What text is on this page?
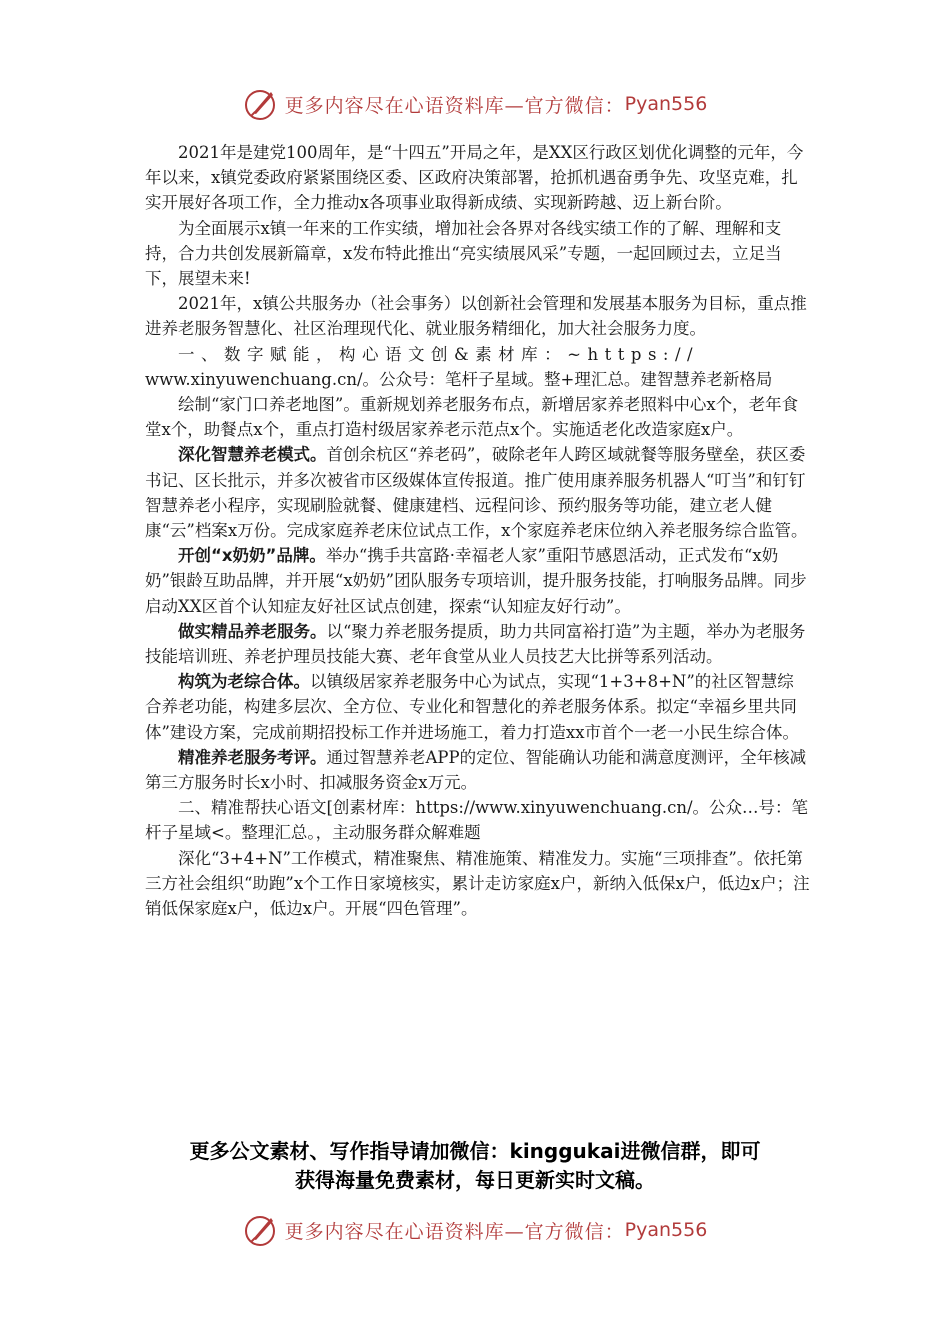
更多内容尽在心语资料库—官方微信： Pyan556

2021年是建党100周年，是“十四五”开局之年，是XX区行政区划优化调整的元年，今年以来，x镇党委政府紧紧围绕区委、区政府决策部署，抢抓机遇奋勇争先、攻坚克难，扎实开展好各项工作，全力推动x各项事业取得新成绩、实现新跨越、迈上新台阶。

为全面展示x镇一年来的工作实绩，增加社会各界对各线实绩工作的了解、理解和支持，合力共创发展新篇章，x发布特此推出“亮实绩展风采”专题，一起回顾过去，立足当下，展望未来!

2021年，x镇公共服务办（社会事务）以创新社会管理和发展基本服务为目标，重点推进养老服务智慧化、社区治理现代化、就业服务精细化，加大社会服务力度。

一、数字赋能，构心语文创&素材库：~https://
www.xinyuwenchuang.cn/。公众号：笔杆子星域。整+理汇总。建智慧养老新格局

绘制“家门口养老地图”。重新规划养老服务布点，新增居家养老照料中心x个，老年食堂x个，助餐点x个，重点打造村级居家养老示范点x个。实施适老化改造家庭x户。

深化智慧养老模式。首创余杭区“养老码”，破除老年人跨区域就餐等服务壁垒，获区委书记、区长批示，并多次被省市区级媒体宣传报道。推广使用康养服务机器人“叮当”和钉钉智慧养老小程序，实现刷脸就餐、健康建档、远程问诊、预约服务等功能，建立老人健康“云”档案x万份。完成家庭养老床位试点工作，x个家庭养老床位纳入养老服务综合监管。

开创“x奶奶”品牌。举办“携手共富路·幸福老人家”重阳节感恩活动，正式发布“x奶奶”银龄互助品牌，并开展“x奶奶”团队服务专项培训，提升服务技能，打响服务品牌。同步启动XX区首个认知症友好社区试点创建，探索“认知症友好行动”。

做实精品养老服务。以“聚力养老服务提质，助力共同富裕打造”为主题，举办为老服务技能培训班、养老护理员技能大赛、老年食堂从业人员技艺大比拼等系列活动。

构筑为老综合体。以镇级居家养老服务中心为试点，实现“1+3+8+N”的社区智慧综合养老功能，构建多层次、全方位、专业化和智慧化的养老服务体系。拟定“幸福乡里共同体”建设方案，完成前期招投标工作并进场施工，着力打造xx市首个一老一小民生综合体。

精准养老服务考评。通过智慧养老APP的定位、智能确认功能和满意度测评，全年核减第三方服务时长x小时、扣减服务资金x万元。

二、精准帮扶心语文[创素材库：https://www.xinyuwenchuang.cn/。公众…号：笔杆子星域<。整理汇总。，主动服务群众解难题

深化“3+4+N”工作模式，精准聚焦、精准施策、精准发力。实施“三项排查”。依托第三方社会组织“助跑”x个工作日家境核实，累计走访家庭x户，新纳入低保x户，低边x户；注销低保家庭x户，低边x户。开展“四色管理”。

更多公文素材、写作指导请加微信：kinggukai进微信群，即可
获得海量免费素材，每日更新实时文稿。
更多内容尽在心语资料库—官方微信： Pyan556
